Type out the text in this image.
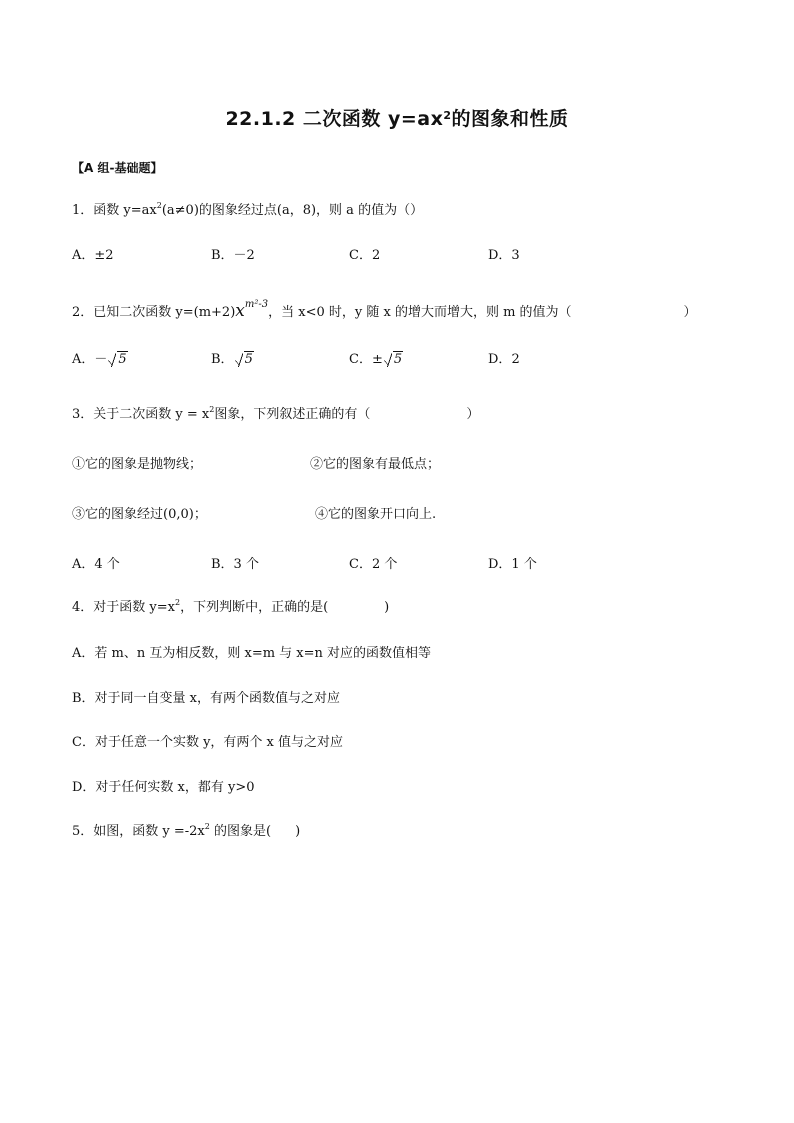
22.1.2 二次函数 $y=ax^2$的图象和性质
【A 组-基础题】
1．函数 $y=ax^2(a\ne 0)$的图象经过点(a，8)，则 a 的值为（）
A．±2	B．－2	C．2	D．3
2．已知二次函数 $y=(m+2)x^{m^2-3}$，当 x<0 时，y 随 x 的增大而增大，则 m 的值为（	）
A．－ 5	B． 5	C．± 5	D．2
3．关于二次函数 $y = x^2$图象，下列叙述正确的有（	）
①它的图象是抛物线；	②它的图象有最低点；
③它的图象经过(0,0)；	④它的图象开口向上.
A．4 个	B．3 个	C．2 个	D．1 个
4．对于函数 $y=x^2$，下列判断中，正确的是(	)
A．若 m、n 互为相反数，则 x=m 与 x=n 对应的函数值相等
B．对于同一自变量 x，有两个函数值与之对应
C．对于任意一个实数 y，有两个 x 值与之对应
D．对于任何实数 x，都有 y>0
5．如图，函数 $y =-2x^2$ 的图象是( )
